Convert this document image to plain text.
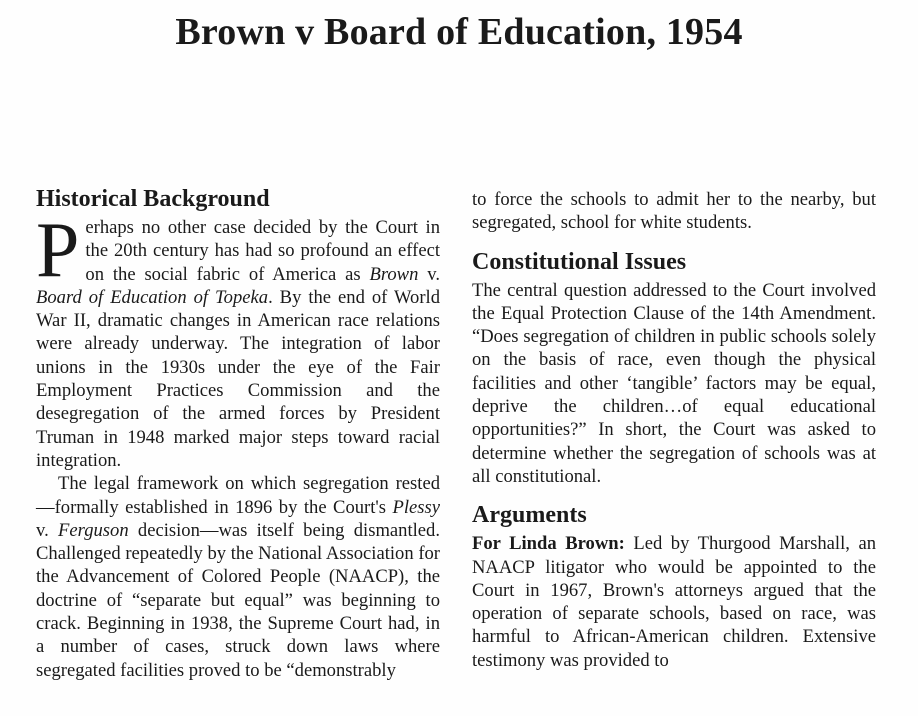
Brown v Board of Education, 1954
Historical Background

Perhaps no other case decided by the Court in the 20th century has had so profound an effect on the social fabric of America as Brown v. Board of Education of Topeka. By the end of World War II, dramatic changes in American race relations were already underway. The integration of labor unions in the 1930s under the eye of the Fair Employment Practices Commission and the desegregation of the armed forces by President Truman in 1948 marked major steps toward racial integration.

The legal framework on which segregation rested—formally established in 1896 by the Court's Plessy v. Ferguson decision—was itself being dismantled. Challenged repeatedly by the National Association for the Advancement of Colored People (NAACP), the doctrine of “separate but equal” was beginning to crack. Beginning in 1938, the Supreme Court had, in a number of cases, struck down laws where segregated facilities proved to be “demonstrably

to force the schools to admit her to the nearby, but segregated, school for white students.

Constitutional Issues

The central question addressed to the Court involved the Equal Protection Clause of the 14th Amendment. “Does segregation of children in public schools solely on the basis of race, even though the physical facilities and other ‘tangible’ factors may be equal, deprive the children…of equal educational opportunities?” In short, the Court was asked to determine whether the segregation of schools was at all constitutional.

Arguments

For Linda Brown: Led by Thurgood Marshall, an NAACP litigator who would be appointed to the Court in 1967, Brown's attorneys argued that the operation of separate schools, based on race, was harmful to African-American children. Extensive testimony was provided to
